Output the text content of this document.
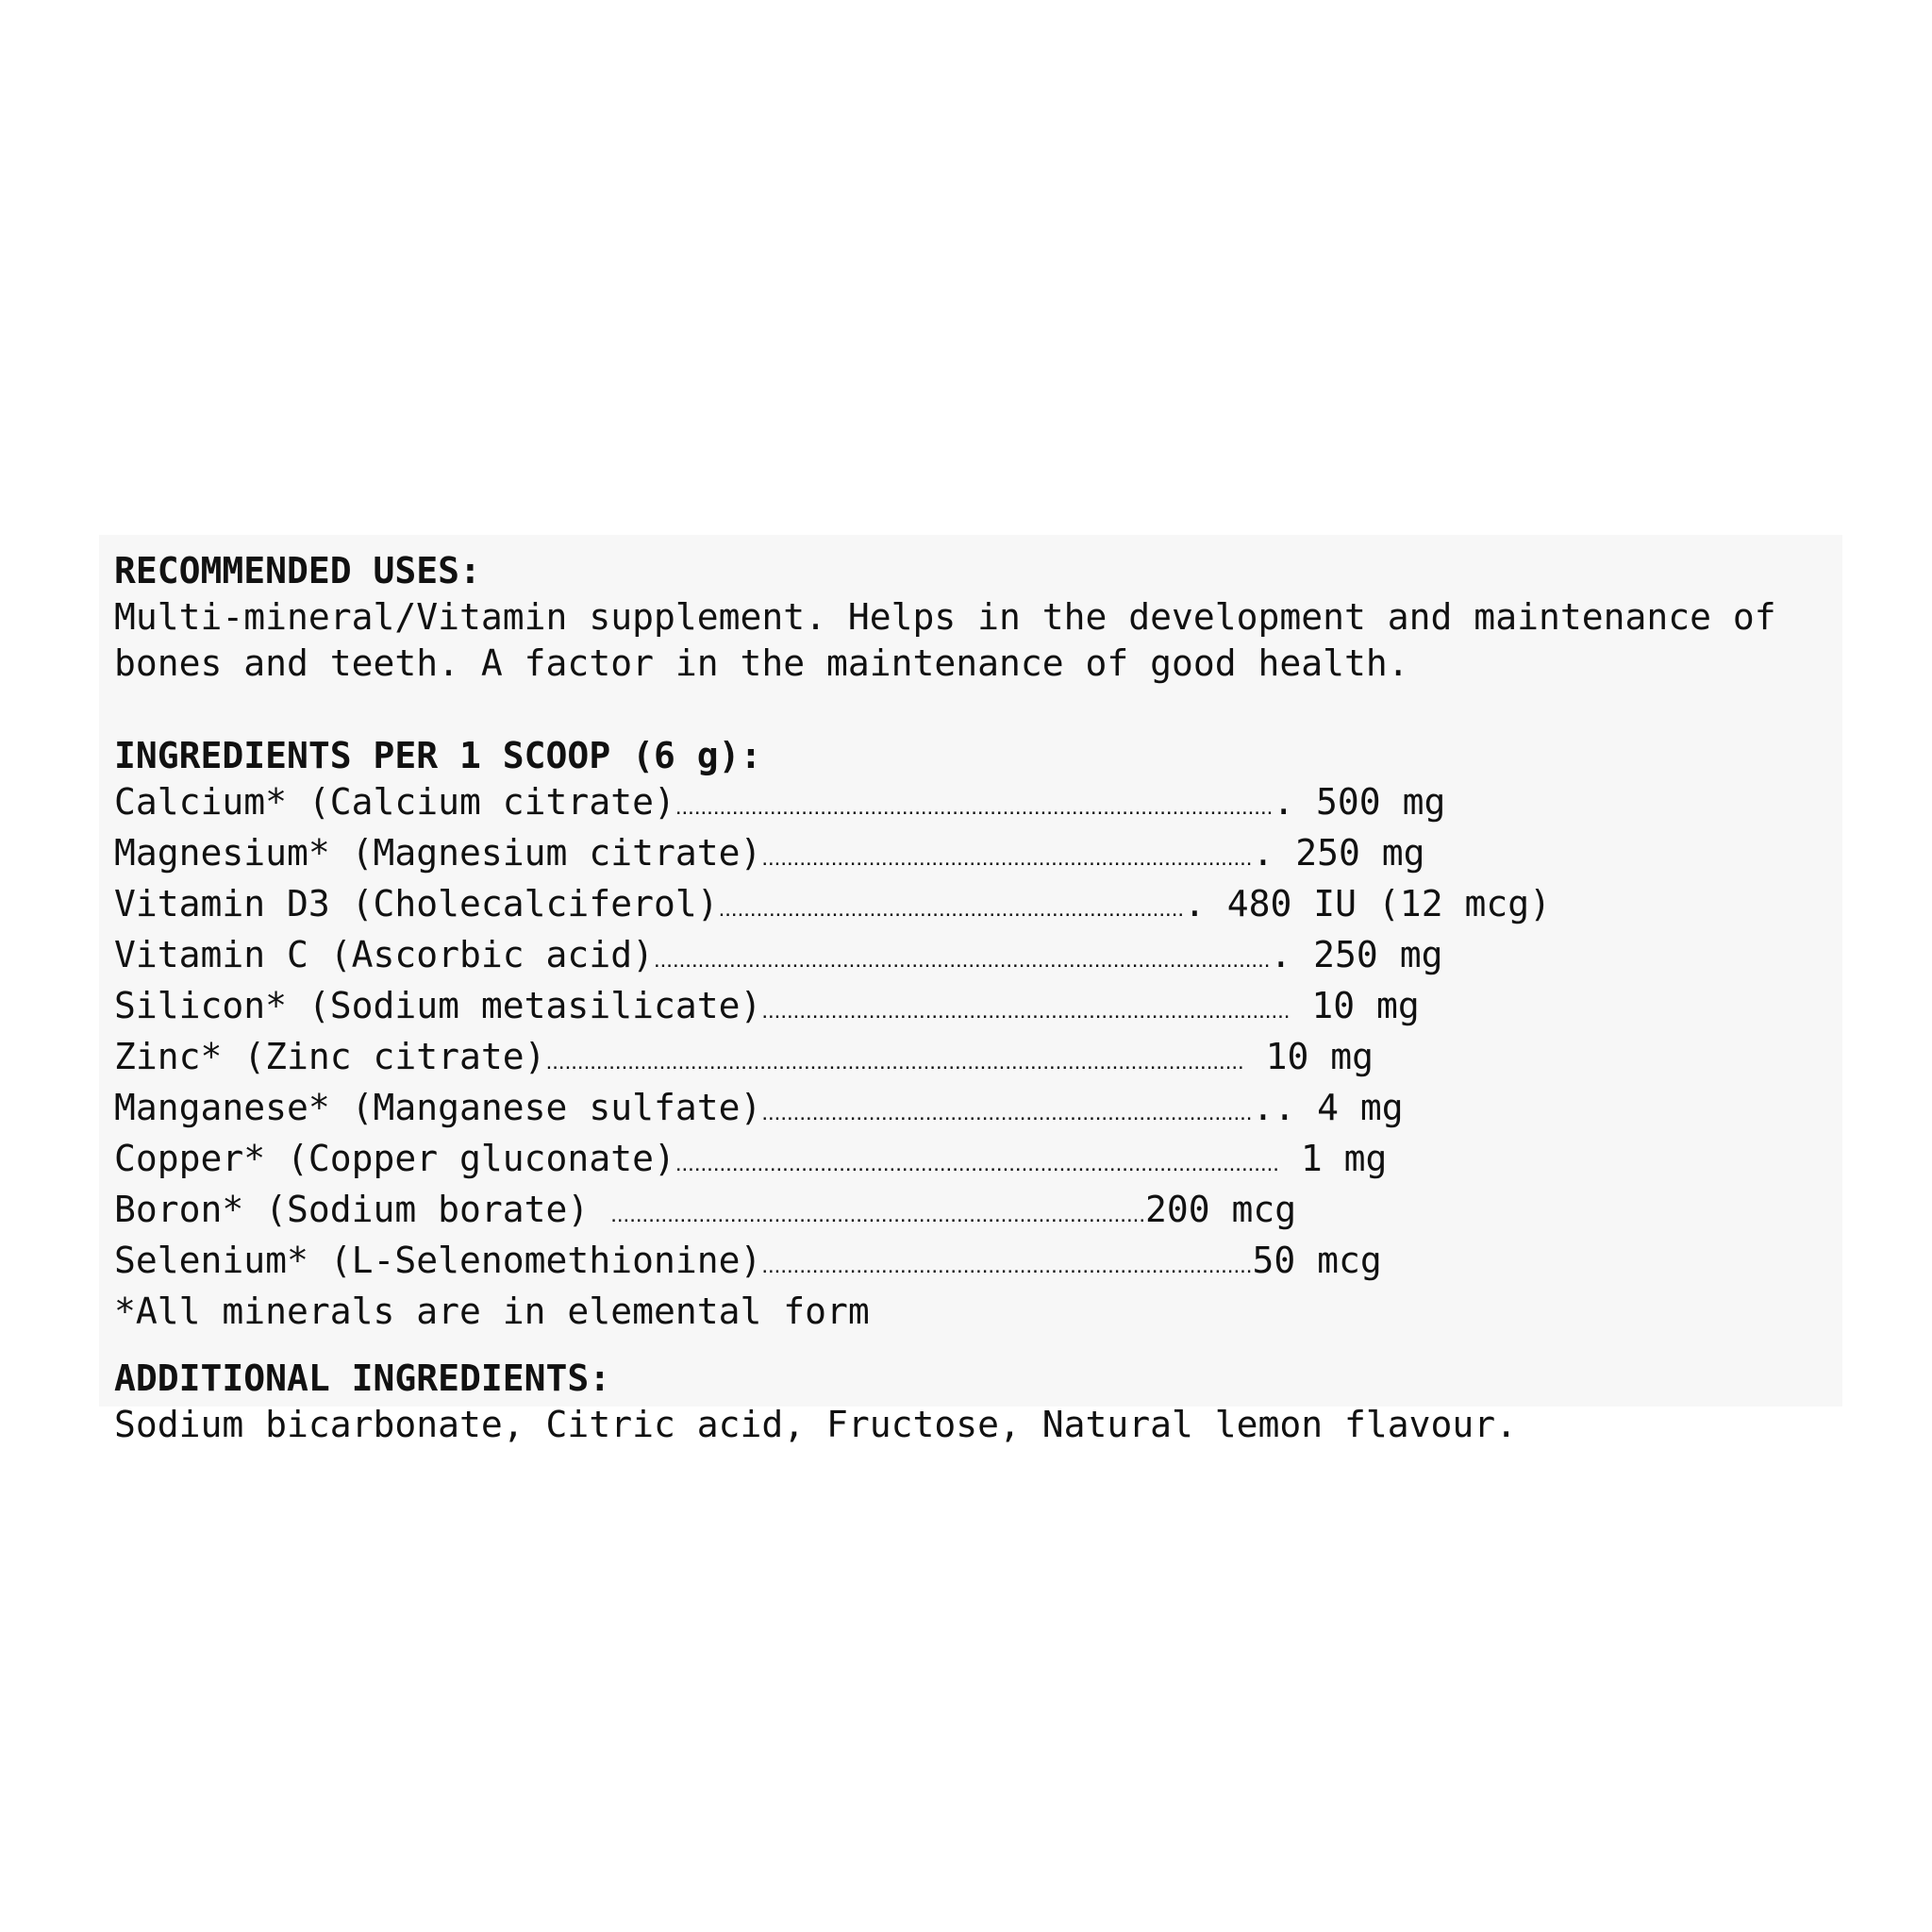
RECOMMENDED USES:
Multi-mineral/Vitamin supplement. Helps in the development and maintenance of
bones and teeth. A factor in the maintenance of good health.
INGREDIENTS PER 1 SCOOP (6 g):
Calcium* (Calcium citrate)................................................................................................ 500 mg
Magnesium* (Magnesium citrate)............................................................................... 250 mg
Vitamin D3 (Cholecalciferol)........................................................................... 480 IU (12 mcg)
Vitamin C (Ascorbic acid)................................................................................................... 250 mg
Silicon* (Sodium metasilicate).................................................................................... 10 mg
Zinc* (Zinc citrate)............................................................................................................... 10 mg
Manganese* (Manganese sulfate)................................................................................ 4 mg
Copper* (Copper gluconate)................................................................................................ 1 mg
Boron* (Sodium borate) .....................................................................................200 mcg
Selenium* (L-Selenomethionine)..............................................................................50 mcg
*All minerals are in elemental form
ADDITIONAL INGREDIENTS:
Sodium bicarbonate, Citric acid, Fructose, Natural lemon flavour.
